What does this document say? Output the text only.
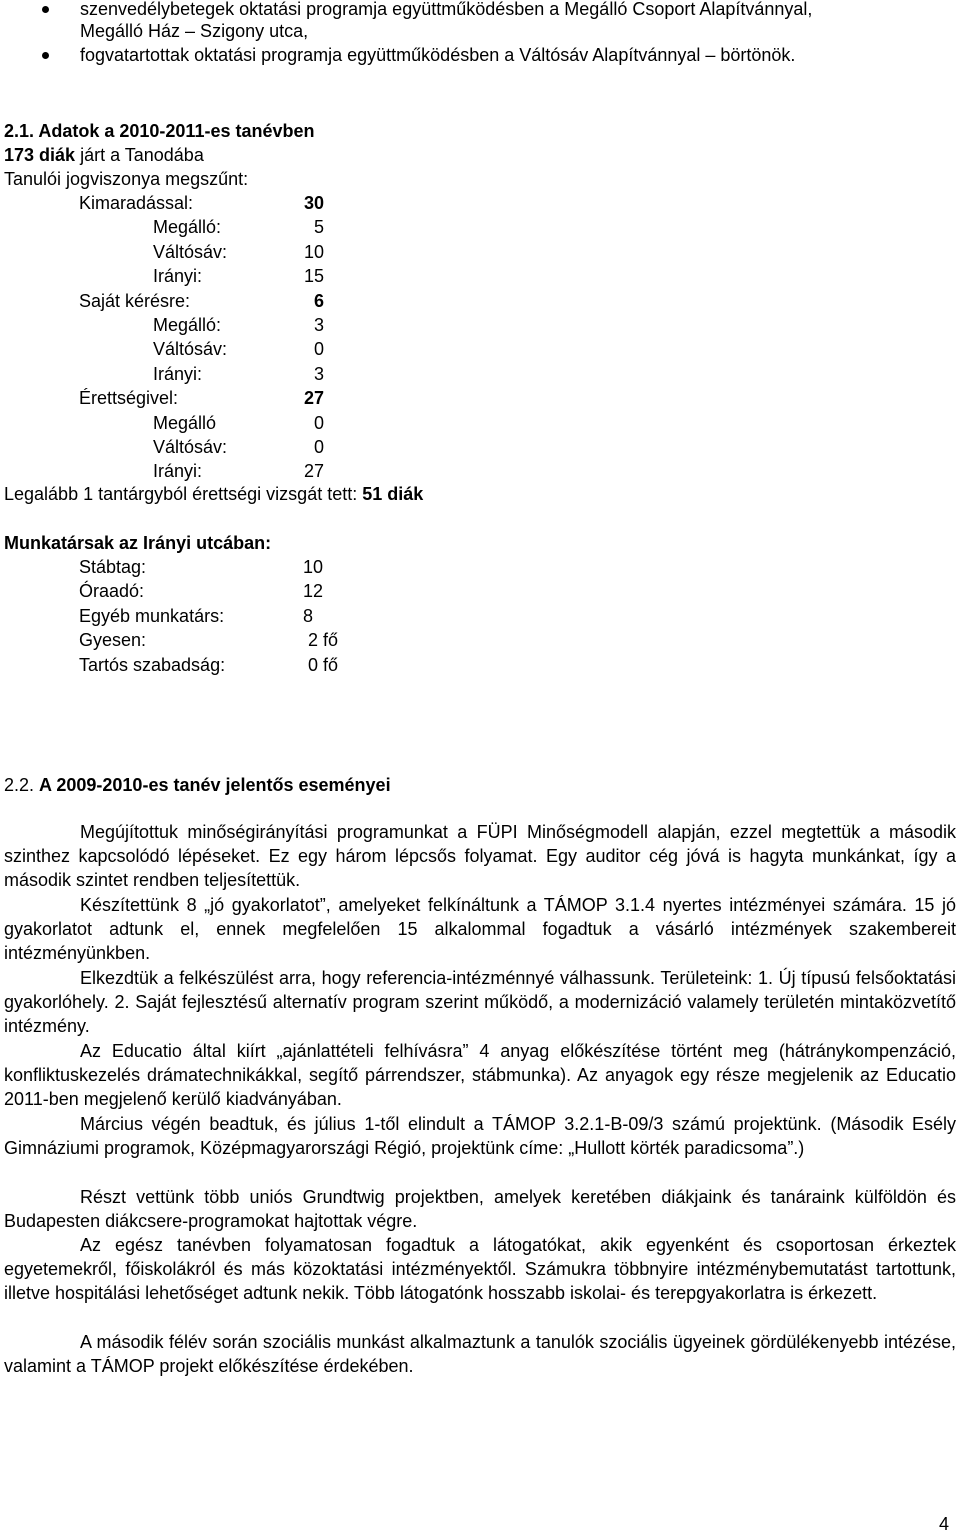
szenvedélybetegek oktatási programja együttműködésben a Megálló Csoport Alapítvánnyal,
Megálló Ház – Szigony utca,
fogvatartottak oktatási programja együttműködésben a Váltósáv Alapítvánnyal – börtönök.
2.1. Adatok a 2010-2011-es tanévben
173 diák járt a Tanodába
Tanulói jogviszonya megszűnt:
Kimaradással:	30
Megálló:	5
Váltósáv:	10
Irányi:	15
Saját kérésre:	6
Megálló:	3
Váltósáv:	0
Irányi:	3
Érettségivel:	27
Megálló	0
Váltósáv:	0
Irányi:	27
Legalább 1 tantárgyból érettségi vizsgát tett: 51 diák
Munkatársak az Irányi utcában:
Stábtag:	10
Óraadó:	12
Egyéb munkatárs:	8
Gyesen:	2 fő
Tartós szabadság:	0 fő
2.2. A 2009-2010-es tanév jelentős eseményei
Megújítottuk minőségirányítási programunkat a FÜPI Minőségmodell alapján, ezzel megtettük a második szinthez kapcsolódó lépéseket. Ez egy három lépcsős folyamat. Egy auditor cég jóvá is hagyta munkánkat, így a második szintet rendben teljesítettük.
Készítettünk 8 „jó gyakorlatot”, amelyeket felkínáltunk a TÁMOP 3.1.4 nyertes intézményei számára. 15 jó gyakorlatot adtunk el, ennek megfelelően 15 alkalommal fogadtuk a vásárló intézmények szakembereit intézményünkben.
Elkezdtük a felkészülést arra, hogy referencia-intézménnyé válhassunk. Területeink: 1. Új típusú felsőoktatási gyakorlóhely. 2. Saját fejlesztésű alternatív program szerint működő, a modernizáció valamely területén mintaközvetítő intézmény.
Az Educatio által kiírt „ajánlattételi felhívásra” 4 anyag előkészítése történt meg (hátránykompenzáció, konfliktuskezelés drámatechnikákkal, segítő párrendszer, stábmunka). Az anyagok egy része megjelenik az Educatio 2011-ben megjelenő kerülő kiadványában.
Március végén beadtuk, és július 1-től elindult a TÁMOP 3.2.1-B-09/3 számú projektünk. (Második Esély Gimnáziumi programok, Középmagyarországi Régió, projektünk címe: „Hullott körték paradicsoma”.)
Részt vettünk több uniós Grundtwig projektben, amelyek keretében diákjaink és tanáraink külföldön és Budapesten diákcsere-programokat hajtottak végre.
Az egész tanévben folyamatosan fogadtuk a látogatókat, akik egyenként és csoportosan érkeztek egyetemekről, főiskolákról és más közoktatási intézményektől. Számukra többnyire intézménybemutatást tartottunk, illetve hospitálási lehetőséget adtunk nekik. Több látogatónk hosszabb iskolai- és terepgyakorlatra is érkezett.
A második félév során szociális munkást alkalmaztunk a tanulók szociális ügyeinek gördülékenyebb intézése, valamint a TÁMOP projekt előkészítése érdekében.
4
